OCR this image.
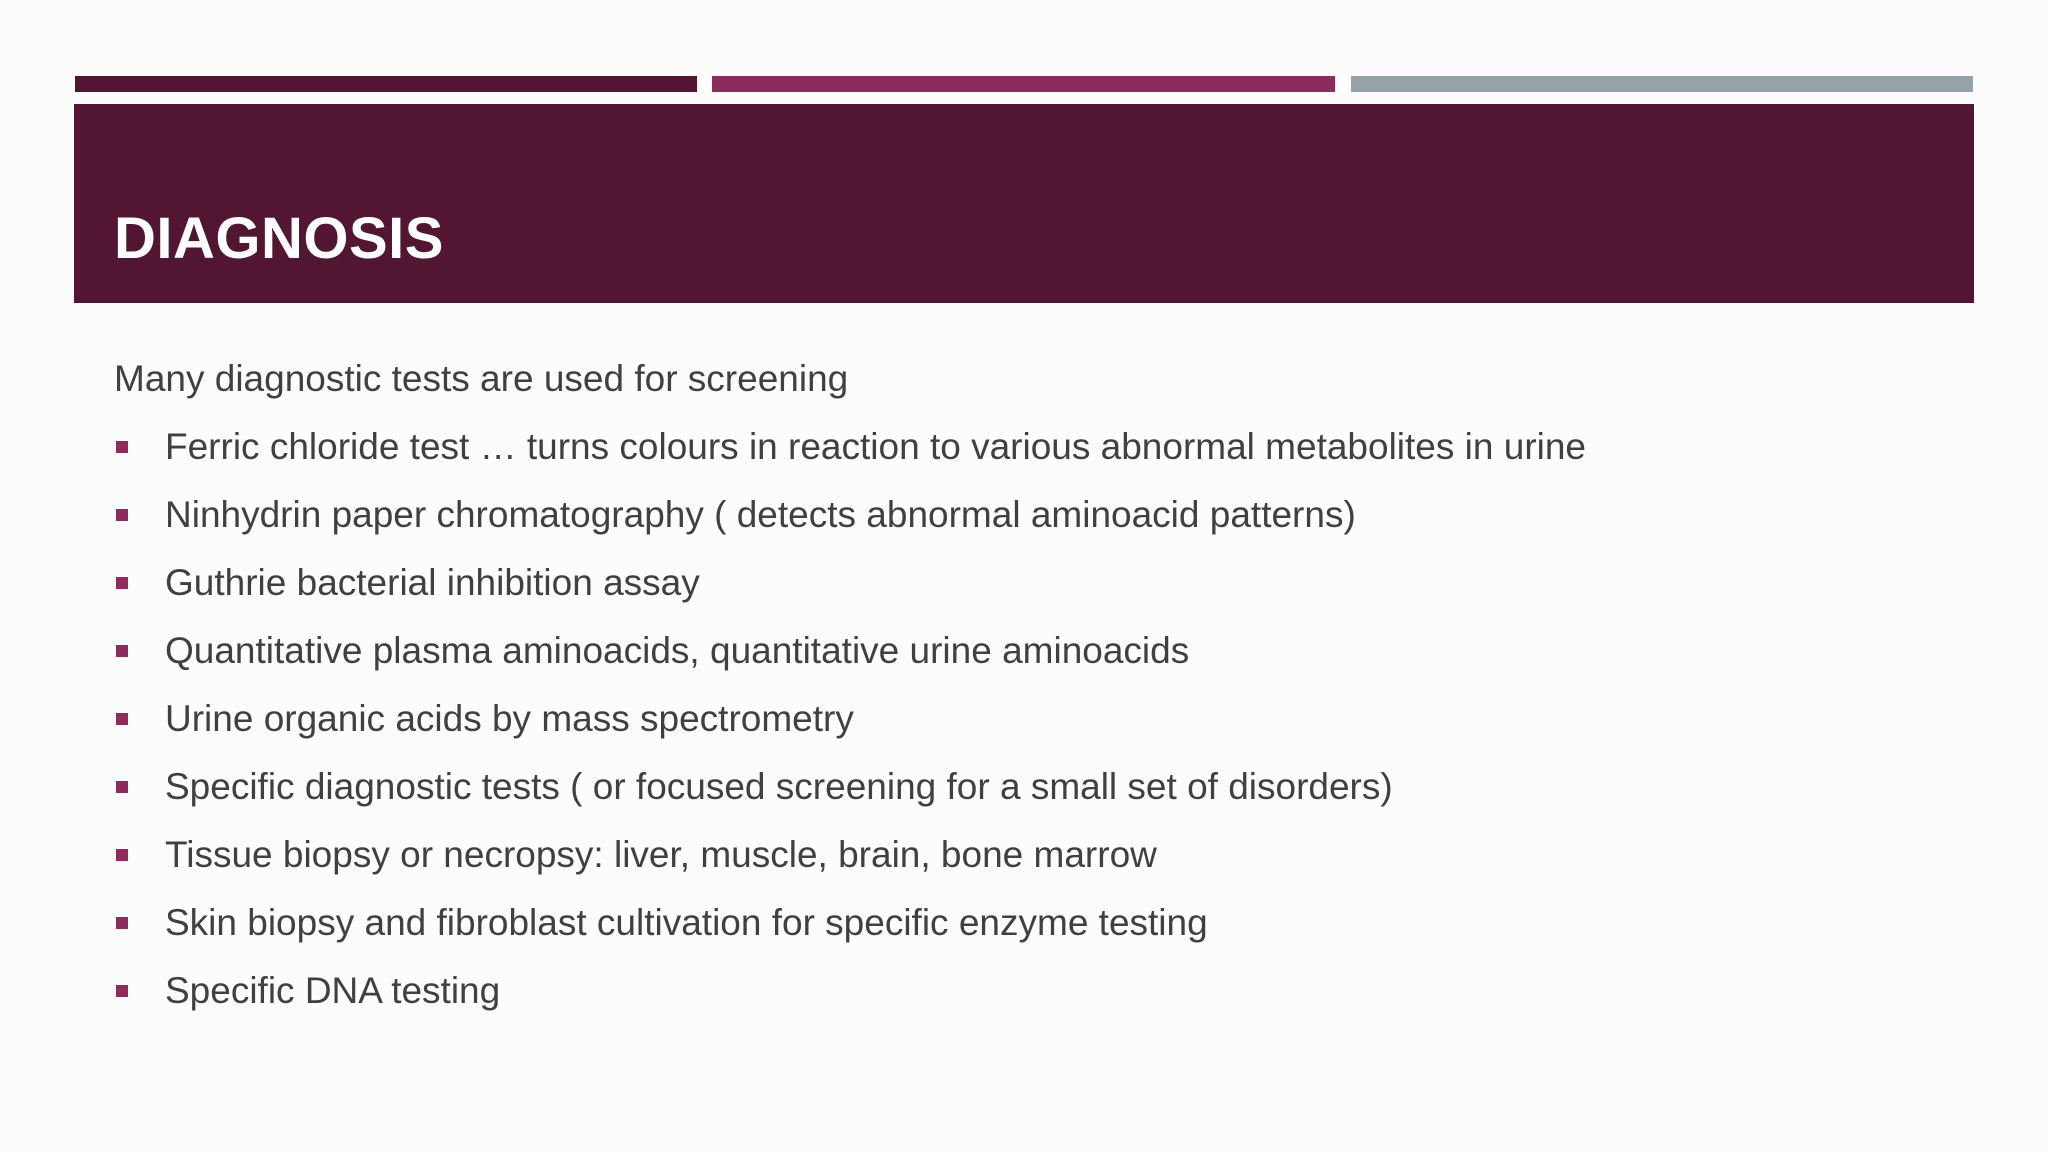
DIAGNOSIS

Many diagnostic tests are used for screening

Ferric chloride test … turns colours in reaction to various abnormal metabolites in urine
Ninhydrin paper chromatography ( detects abnormal aminoacid patterns)
Guthrie bacterial inhibition assay
Quantitative plasma aminoacids, quantitative urine aminoacids
Urine organic acids by mass spectrometry
Specific diagnostic tests ( or focused screening for a small set of disorders)
Tissue biopsy or necropsy: liver, muscle, brain, bone marrow
Skin biopsy and fibroblast cultivation for specific enzyme testing
Specific DNA testing
